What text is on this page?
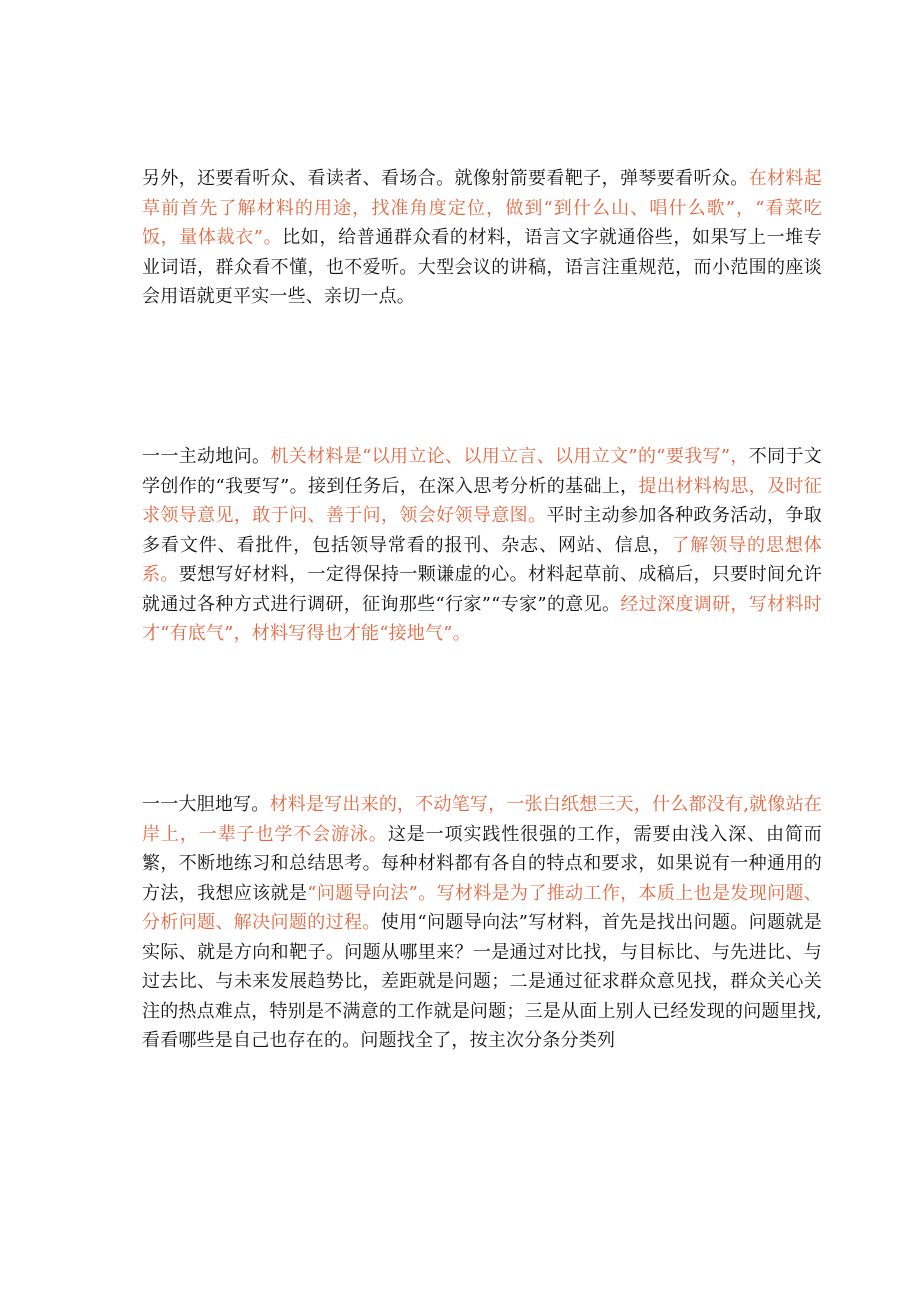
另外，还要看听众、看读者、看场合。就像射箭要看靶子，弹琴要看听众。在材料起草前首先了解材料的用途，找准角度定位，做到“到什么山、唱什么歌”，“看菜吃饭，量体裁衣”。比如，给普通群众看的材料，语言文字就通俗些，如果写上一堆专业词语，群众看不懂，也不爱听。大型会议的讲稿，语言注重规范，而小范围的座谈会用语就更平实一些、亲切一点。
一一主动地问。机关材料是“以用立论、以用立言、以用立文”的“要我写”，不同于文学创作的“我要写”。接到任务后，在深入思考分析的基础上，提出材料构思，及时征求领导意见，敢于问、善于问，领会好领导意图。平时主动参加各种政务活动，争取多看文件、看批件，包括领导常看的报刊、杂志、网站、信息，了解领导的思想体系。要想写好材料，一定得保持一颗谦虚的心。材料起草前、成稿后，只要时间允许就通过各种方式进行调研，征询那些“行家”“专家”的意见。经过深度调研，写材料时才“有底气”，材料写得也才能“接地气”。
一一大胆地写。材料是写出来的，不动笔写，一张白纸想三天，什么都没有,就像站在岸上，一辈子也学不会游泳。这是一项实践性很强的工作，需要由浅入深、由简而繁，不断地练习和总结思考。每种材料都有各自的特点和要求，如果说有一种通用的方法，我想应该就是“问题导向法”。写材料是为了推动工作，本质上也是发现问题、分析问题、解决问题的过程。使用“问题导向法”写材料，首先是找出问题。问题就是实际、就是方向和靶子。问题从哪里来？一是通过对比找，与目标比、与先进比、与过去比、与未来发展趋势比，差距就是问题；二是通过征求群众意见找，群众关心关注的热点难点，特别是不满意的工作就是问题；三是从面上别人已经发现的问题里找,看看哪些是自己也存在的。问题找全了，按主次分条分类列
